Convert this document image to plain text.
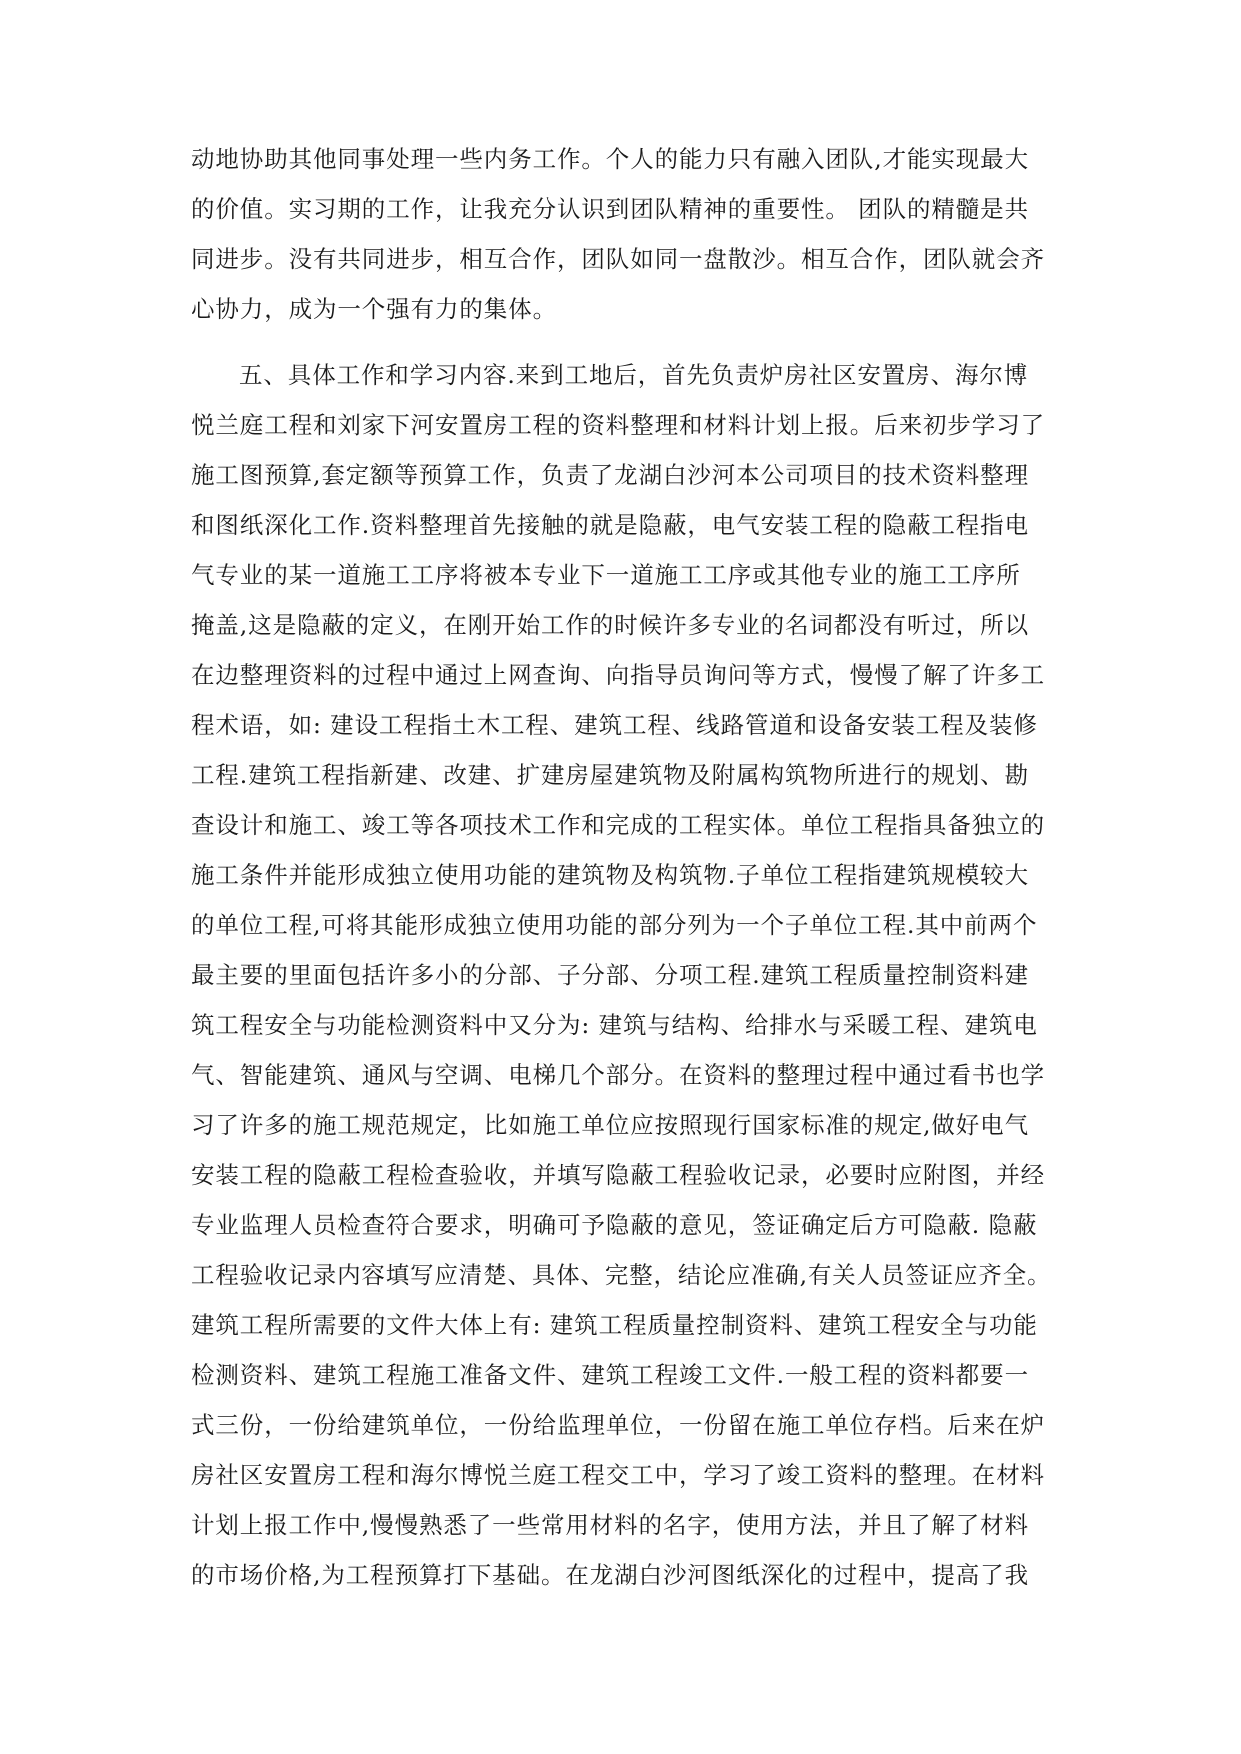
动地协助其他同事处理一些内务工作。个人的能力只有融入团队,才能实现最大
的价值。实习期的工作，让我充分认识到团队精神的重要性。 团队的精髓是共
同进步。没有共同进步，相互合作，团队如同一盘散沙。相互合作，团队就会齐
心协力，成为一个强有力的集体。

五、具体工作和学习内容.来到工地后，首先负责炉房社区安置房、海尔博
悦兰庭工程和刘家下河安置房工程的资料整理和材料计划上报。后来初步学习了
施工图预算,套定额等预算工作，负责了龙湖白沙河本公司项目的技术资料整理
和图纸深化工作.资料整理首先接触的就是隐蔽，电气安装工程的隐蔽工程指电
气专业的某一道施工工序将被本专业下一道施工工序或其他专业的施工工序所
掩盖,这是隐蔽的定义，在刚开始工作的时候许多专业的名词都没有听过，所以
在边整理资料的过程中通过上网查询、向指导员询问等方式，慢慢了解了许多工
程术语，如: 建设工程指土木工程、建筑工程、线路管道和设备安装工程及装修
工程.建筑工程指新建、改建、扩建房屋建筑物及附属构筑物所进行的规划、勘
查设计和施工、竣工等各项技术工作和完成的工程实体。单位工程指具备独立的
施工条件并能形成独立使用功能的建筑物及构筑物.子单位工程指建筑规模较大
的单位工程,可将其能形成独立使用功能的部分列为一个子单位工程.其中前两个
最主要的里面包括许多小的分部、子分部、分项工程.建筑工程质量控制资料建
筑工程安全与功能检测资料中又分为: 建筑与结构、给排水与采暖工程、建筑电
气、智能建筑、通风与空调、电梯几个部分。在资料的整理过程中通过看书也学
习了许多的施工规范规定，比如施工单位应按照现行国家标准的规定,做好电气
安装工程的隐蔽工程检查验收，并填写隐蔽工程验收记录，必要时应附图，并经
专业监理人员检查符合要求，明确可予隐蔽的意见，签证确定后方可隐蔽. 隐蔽
工程验收记录内容填写应清楚、具体、完整，结论应准确,有关人员签证应齐全。
建筑工程所需要的文件大体上有: 建筑工程质量控制资料、建筑工程安全与功能
检测资料、建筑工程施工准备文件、建筑工程竣工文件.一般工程的资料都要一
式三份，一份给建筑单位，一份给监理单位，一份留在施工单位存档。后来在炉
房社区安置房工程和海尔博悦兰庭工程交工中，学习了竣工资料的整理。在材料
计划上报工作中,慢慢熟悉了一些常用材料的名字，使用方法，并且了解了材料
的市场价格,为工程预算打下基础。在龙湖白沙河图纸深化的过程中，提高了我
